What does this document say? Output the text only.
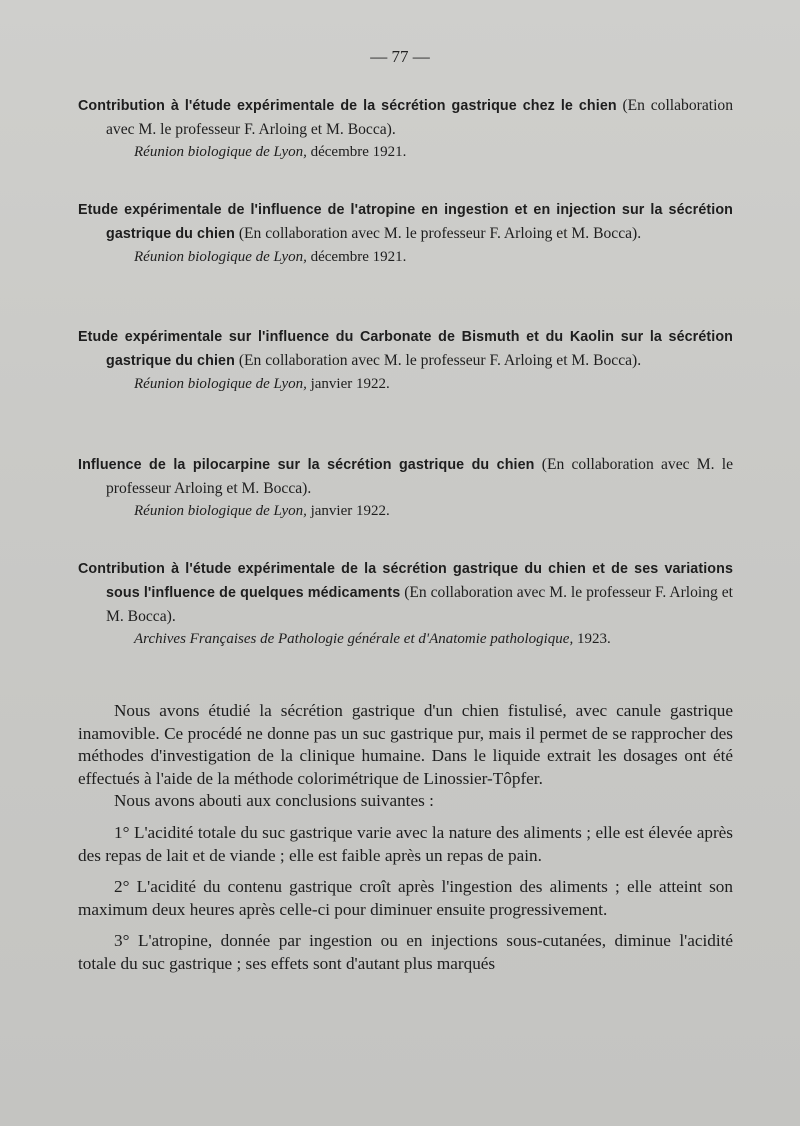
— 77 —

Contribution à l'étude expérimentale de la sécrétion gastrique chez le chien (En collaboration avec M. le professeur F. Arloing et M. Bocca).

Réunion biologique de Lyon, décembre 1921.

Etude expérimentale de l'influence de l'atropine en ingestion et en injection sur la sécrétion gastrique du chien (En collaboration avec M. le professeur F. Arloing et M. Bocca).

Réunion biologique de Lyon, décembre 1921.

Etude expérimentale sur l'influence du Carbonate de Bismuth et du Kaolin sur la sécrétion gastrique du chien (En collaboration avec M. le professeur F. Arloing et M. Bocca).

Réunion biologique de Lyon, janvier 1922.

Influence de la pilocarpine sur la sécrétion gastrique du chien (En collaboration avec M. le professeur Arloing et M. Bocca).

Réunion biologique de Lyon, janvier 1922.

Contribution à l'étude expérimentale de la sécrétion gastrique du chien et de ses variations sous l'influence de quelques médicaments (En collaboration avec M. le professeur F. Arloing et M. Bocca).

Archives Françaises de Pathologie générale et d'Anatomie pathologique, 1923.

Nous avons étudié la sécrétion gastrique d'un chien fistulisé, avec canule gastrique inamovible. Ce procédé ne donne pas un suc gastrique pur, mais il permet de se rapprocher des méthodes d'investigation de la clinique humaine. Dans le liquide extrait les dosages ont été effectués à l'aide de la méthode colorimétrique de Linossier-Tôpfer.

Nous avons abouti aux conclusions suivantes :

1° L'acidité totale du suc gastrique varie avec la nature des aliments ; elle est élevée après des repas de lait et de viande ; elle est faible après un repas de pain.

2° L'acidité du contenu gastrique croît après l'ingestion des aliments ; elle atteint son maximum deux heures après celle-ci pour diminuer ensuite progressivement.

3° L'atropine, donnée par ingestion ou en injections sous-cutanées, diminue l'acidité totale du suc gastrique ; ses effets sont d'autant plus marqués
